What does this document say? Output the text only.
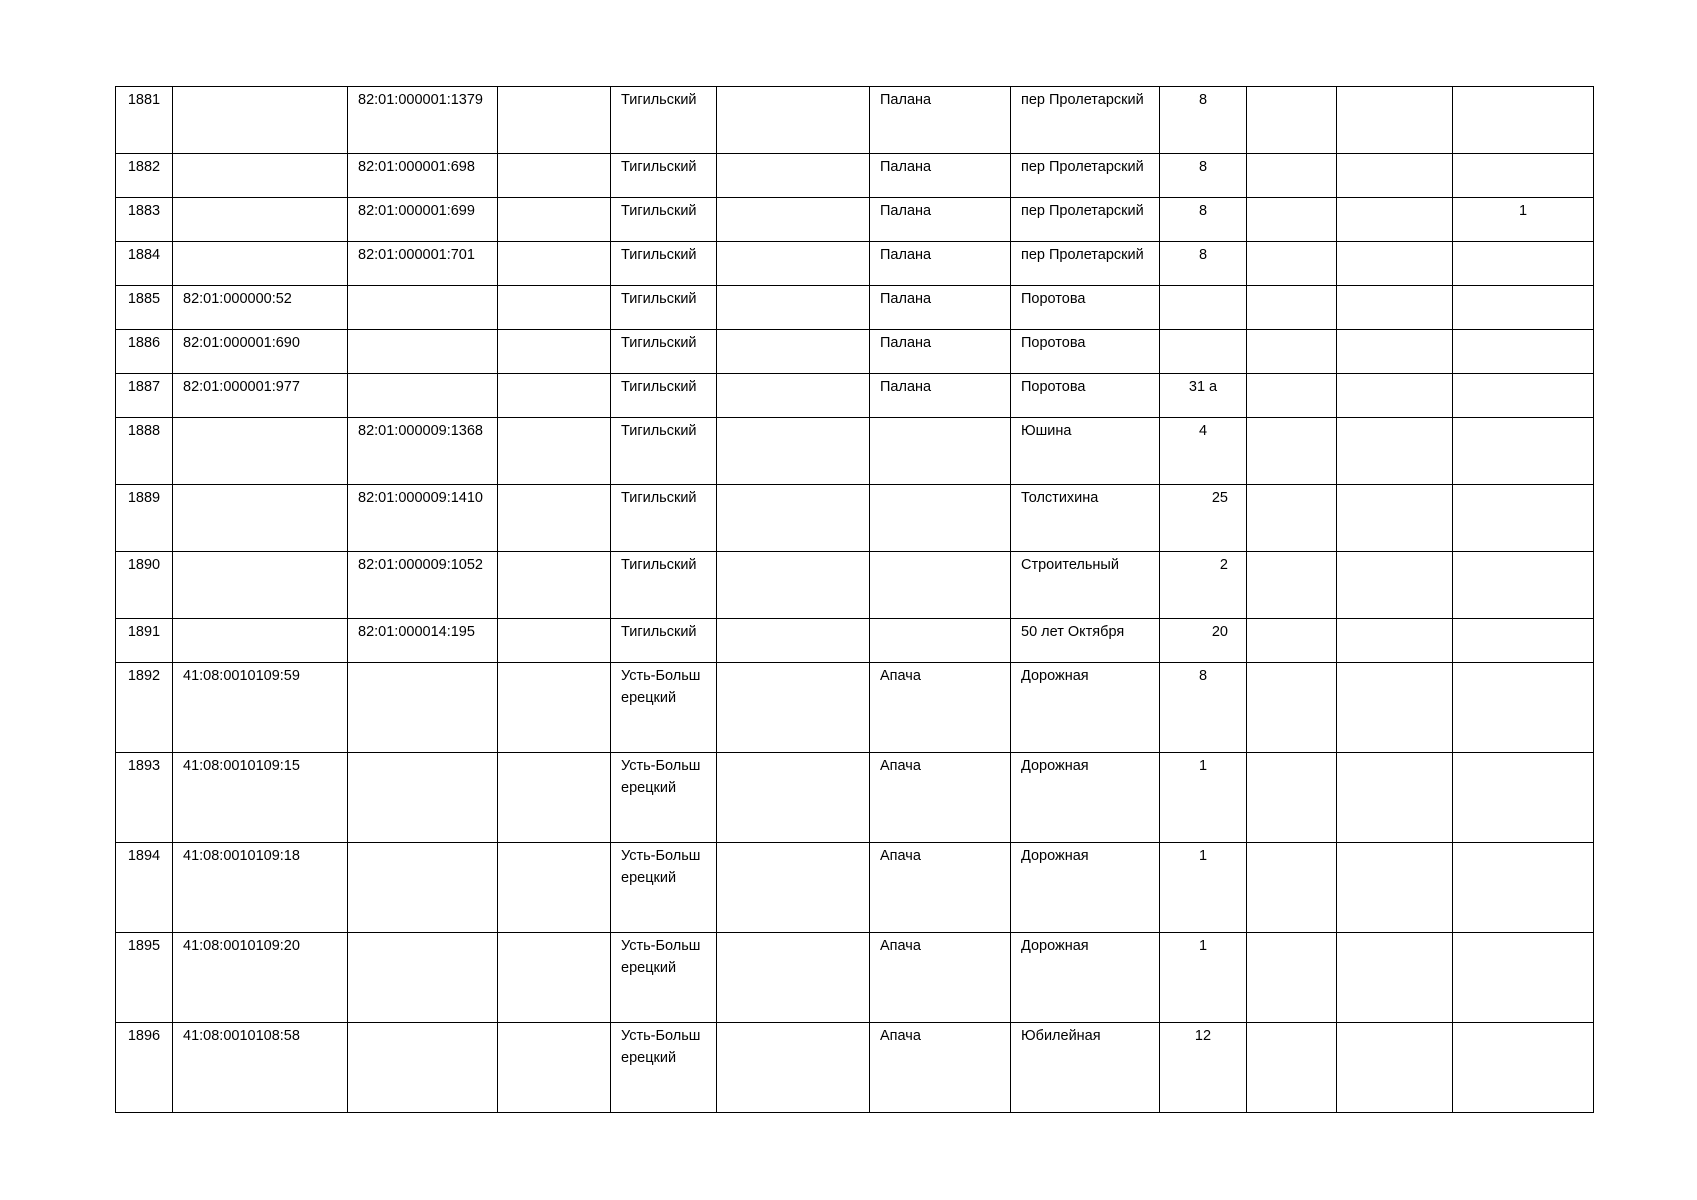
1881		82:01:000001:1379		Тигильский		Палана	пер Пролетарский	8			
1882		82:01:000001:698		Тигильский		Палана	пер Пролетарский	8			
1883		82:01:000001:699		Тигильский		Палана	пер Пролетарский	8			1
1884		82:01:000001:701		Тигильский		Палана	пер Пролетарский	8			
1885	82:01:000000:52			Тигильский		Палана	Поротова				
1886	82:01:000001:690			Тигильский		Палана	Поротова				
1887	82:01:000001:977			Тигильский		Палана	Поротова	31 а			
1888		82:01:000009:1368		Тигильский			Юшина	4			
1889		82:01:000009:1410		Тигильский			Толстихина	25			
1890		82:01:000009:1052		Тигильский			Строительный	2			
1891		82:01:000014:195		Тигильский			50 лет Октября	20			
1892	41:08:0010109:59			Усть-Большерецкий		Апача	Дорожная	8			
1893	41:08:0010109:15			Усть-Большерецкий		Апача	Дорожная	1			
1894	41:08:0010109:18			Усть-Большерецкий		Апача	Дорожная	1			
1895	41:08:0010109:20			Усть-Большерецкий		Апача	Дорожная	1			
1896	41:08:0010108:58			Усть-Большерецкий		Апача	Юбилейная	12			
